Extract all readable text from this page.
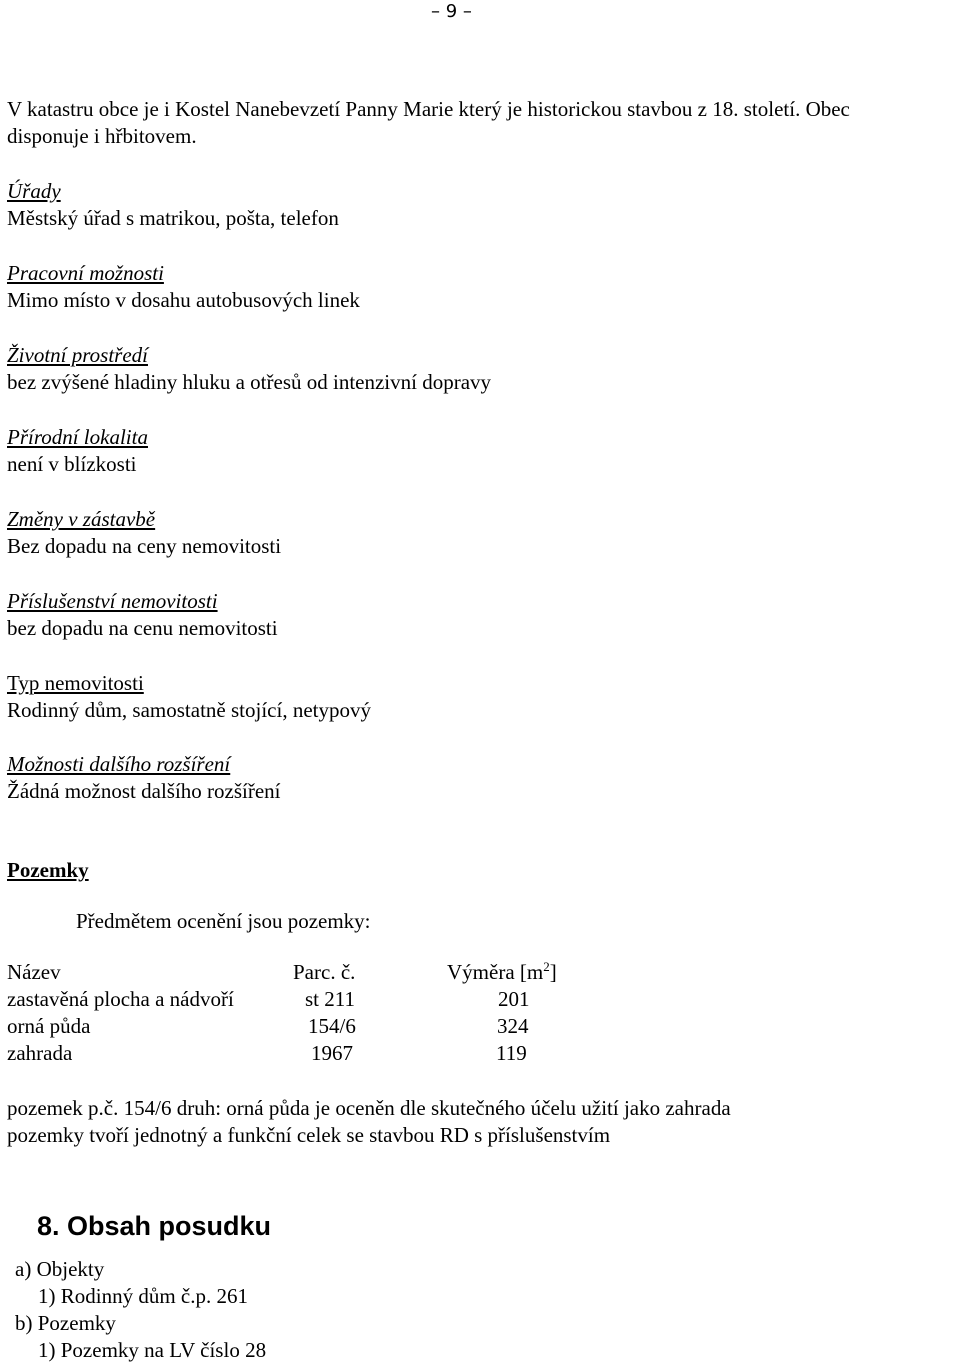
– 9 –
V katastru obce je i Kostel Nanebevzetí Panny Marie který je historickou stavbou z 18. století. Obec
disponuje i hřbitovem.
Úřady
Městský úřad s matrikou, pošta, telefon
Pracovní možnosti
Mimo místo v dosahu autobusových linek
Životní prostředí
bez zvýšené hladiny hluku a otřesů od intenzivní dopravy
Přírodní lokalita
není v blízkosti
Změny v zástavbě
Bez dopadu na ceny nemovitosti
Příslušenství nemovitosti
bez dopadu na cenu nemovitosti
Typ nemovitosti
Rodinný dům, samostatně stojící, netypový
Možnosti dalšího rozšíření
Žádná možnost dalšího rozšíření
Pozemky
Předmětem ocenění jsou pozemky:
Název	Parc. č.	Výměra $[m^2]$
zastavěná plocha a nádvoří	st 211	201
orná půda	154/6	324
zahrada	1967	119
pozemek p.č. 154/6 druh: orná půda je oceněn dle skutečného účelu užití jako zahrada
pozemky tvoří jednotný a funkční celek se stavbou RD s příslušenstvím
8. Obsah posudku
a) Objekty
1) Rodinný dům č.p. 261
b) Pozemky
1) Pozemky na LV číslo 28
